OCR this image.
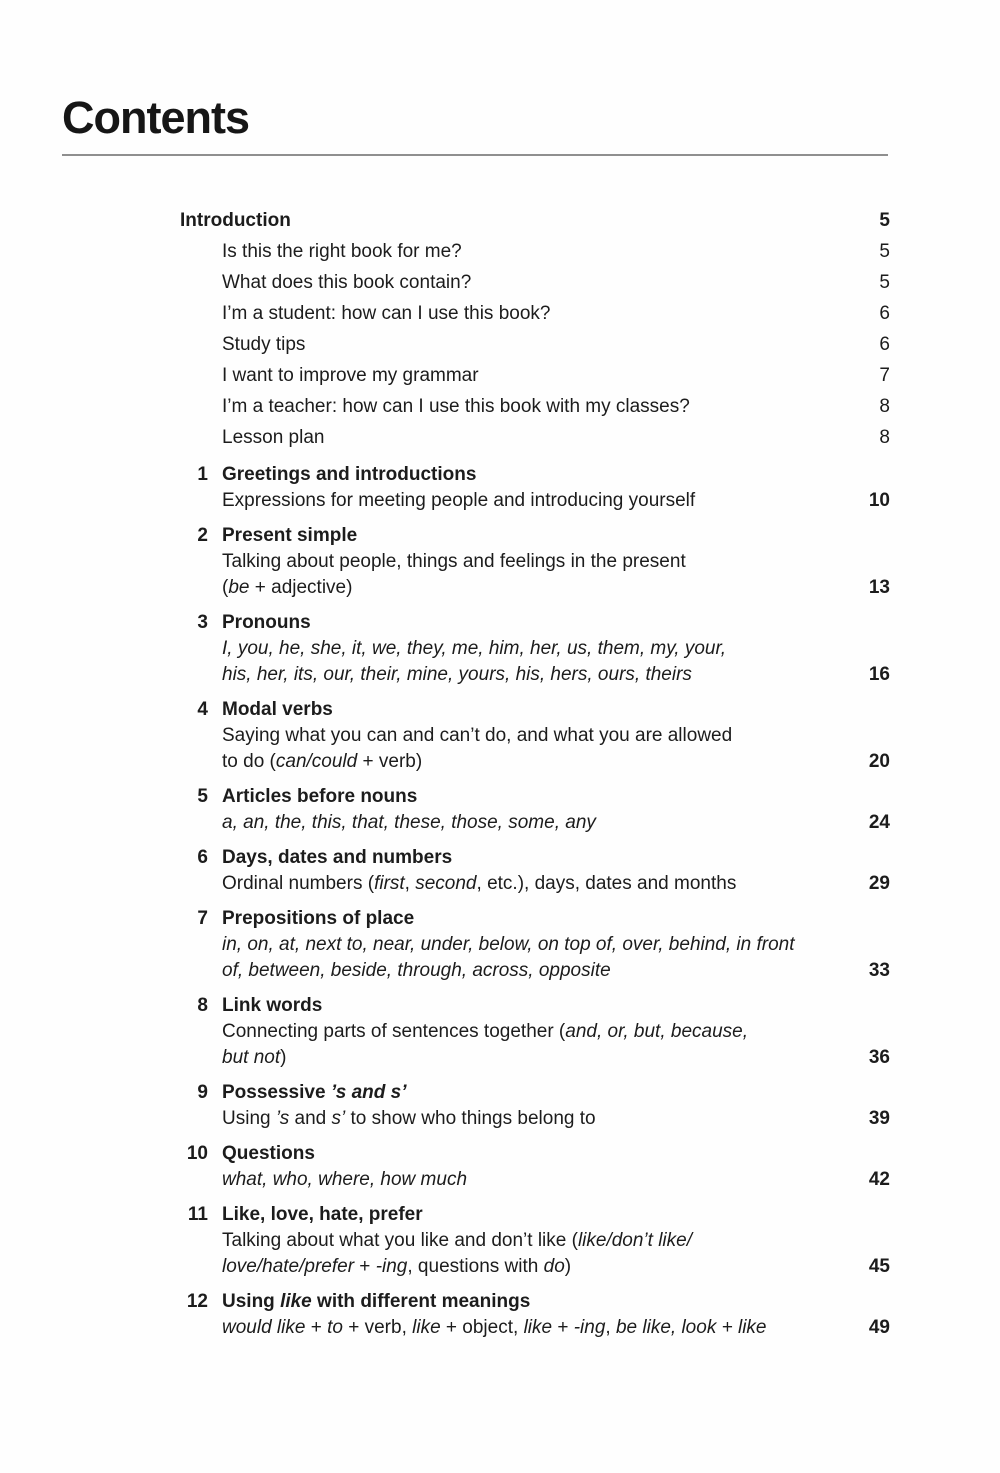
Contents
Introduction	5
Is this the right book for me?	5
What does this book contain?	5
I’m a student: how can I use this book?	6
Study tips	6
I want to improve my grammar	7
I’m a teacher: how can I use this book with my classes?	8
Lesson plan	8
1 Greetings and introductions
Expressions for meeting people and introducing yourself	10
2 Present simple
Talking about people, things and feelings in the present
(be + adjective)	13
3 Pronouns
I, you, he, she, it, we, they, me, him, her, us, them, my, your,
his, her, its, our, their, mine, yours, his, hers, ours, theirs	16
4 Modal verbs
Saying what you can and can’t do, and what you are allowed
to do (can/could + verb)	20
5 Articles before nouns
a, an, the, this, that, these, those, some, any	24
6 Days, dates and numbers
Ordinal numbers (first, second, etc.), days, dates and months	29
7 Prepositions of place
in, on, at, next to, near, under, below, on top of, over, behind, in front
of, between, beside, through, across, opposite	33
8 Link words
Connecting parts of sentences together (and, or, but, because,
but not)	36
9 Possessive ’s and s’
Using ’s and s’ to show who things belong to	39
10 Questions
what, who, where, how much	42
11 Like, love, hate, prefer
Talking about what you like and don’t like (like/don’t like/
love/hate/prefer + -ing, questions with do)	45
12 Using like with different meanings
would like + to + verb, like + object, like + -ing, be like, look + like	49
